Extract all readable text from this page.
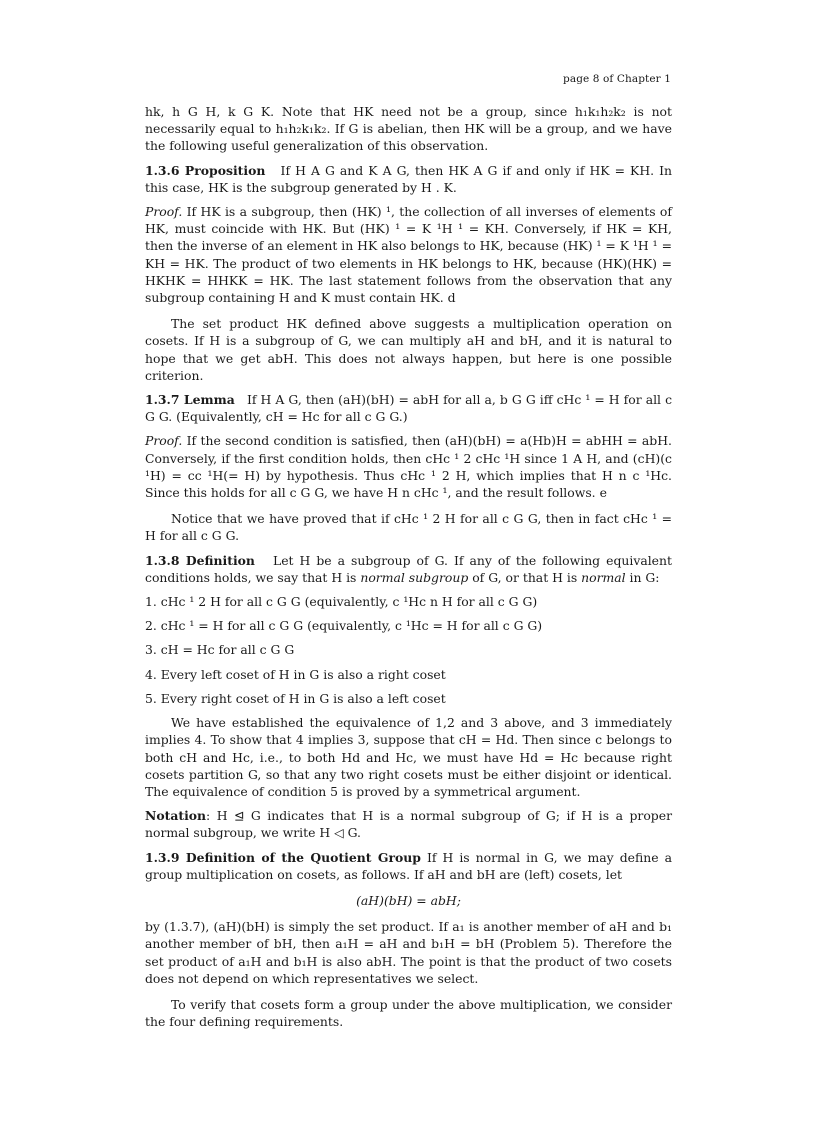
page 8 of Chapter 1

hk, h G H, k G K. Note that HK need not be a group, since h₁k₁h₂k₂ is not necessarily equal to h₁h₂k₁k₂. If G is abelian, then HK will be a group, and we have the following useful generalization of this observation.

1.3.6 Proposition If H A G and K A G, then HK A G if and only if HK = KH. In this case, HK is the subgroup generated by H . K.

Proof. If HK is a subgroup, then (HK) ¹, the collection of all inverses of elements of HK, must coincide with HK. But (HK) ¹ = K ¹H ¹ = KH. Conversely, if HK = KH, then the inverse of an element in HK also belongs to HK, because (HK) ¹ = K ¹H ¹ = KH = HK. The product of two elements in HK belongs to HK, because (HK)(HK) = HKHK = HHKK = HK. The last statement follows from the observation that any subgroup containing H and K must contain HK. d

The set product HK defined above suggests a multiplication operation on cosets. If H is a subgroup of G, we can multiply aH and bH, and it is natural to hope that we get abH. This does not always happen, but here is one possible criterion.

1.3.7 Lemma If H A G, then (aH)(bH) = abH for all a, b G G iff cHc ¹ = H for all c G G. (Equivalently, cH = Hc for all c G G.)

Proof. If the second condition is satisfied, then (aH)(bH) = a(Hb)H = abHH = abH. Conversely, if the first condition holds, then cHc ¹ 2 cHc ¹H since 1 A H, and (cH)(c ¹H) = cc ¹H(= H) by hypothesis. Thus cHc ¹ 2 H, which implies that H n c ¹Hc. Since this holds for all c G G, we have H n cHc ¹, and the result follows. e

Notice that we have proved that if cHc ¹ 2 H for all c G G, then in fact cHc ¹ = H for all c G G.

1.3.8 Definition Let H be a subgroup of G. If any of the following equivalent conditions holds, we say that H is normal subgroup of G, or that H is normal in G:

1. cHc ¹ 2 H for all c G G (equivalently, c ¹Hc n H for all c G G)
2. cHc ¹ = H for all c G G (equivalently, c ¹Hc = H for all c G G)
3. cH = Hc for all c G G
4. Every left coset of H in G is also a right coset
5. Every right coset of H in G is also a left coset

We have established the equivalence of 1,2 and 3 above, and 3 immediately implies 4. To show that 4 implies 3, suppose that cH = Hd. Then since c belongs to both cH and Hc, i.e., to both Hd and Hc, we must have Hd = Hc because right cosets partition G, so that any two right cosets must be either disjoint or identical. The equivalence of condition 5 is proved by a symmetrical argument.

Notation: H ⊴ G indicates that H is a normal subgroup of G; if H is a proper normal subgroup, we write H ◁ G.

1.3.9 Definition of the Quotient Group If H is normal in G, we may define a group multiplication on cosets, as follows. If aH and bH are (left) cosets, let

(aH)(bH) = abH;

by (1.3.7), (aH)(bH) is simply the set product. If a₁ is another member of aH and b₁ another member of bH, then a₁H = aH and b₁H = bH (Problem 5). Therefore the set product of a₁H and b₁H is also abH. The point is that the product of two cosets does not depend on which representatives we select.

To verify that cosets form a group under the above multiplication, we consider the four defining requirements.
